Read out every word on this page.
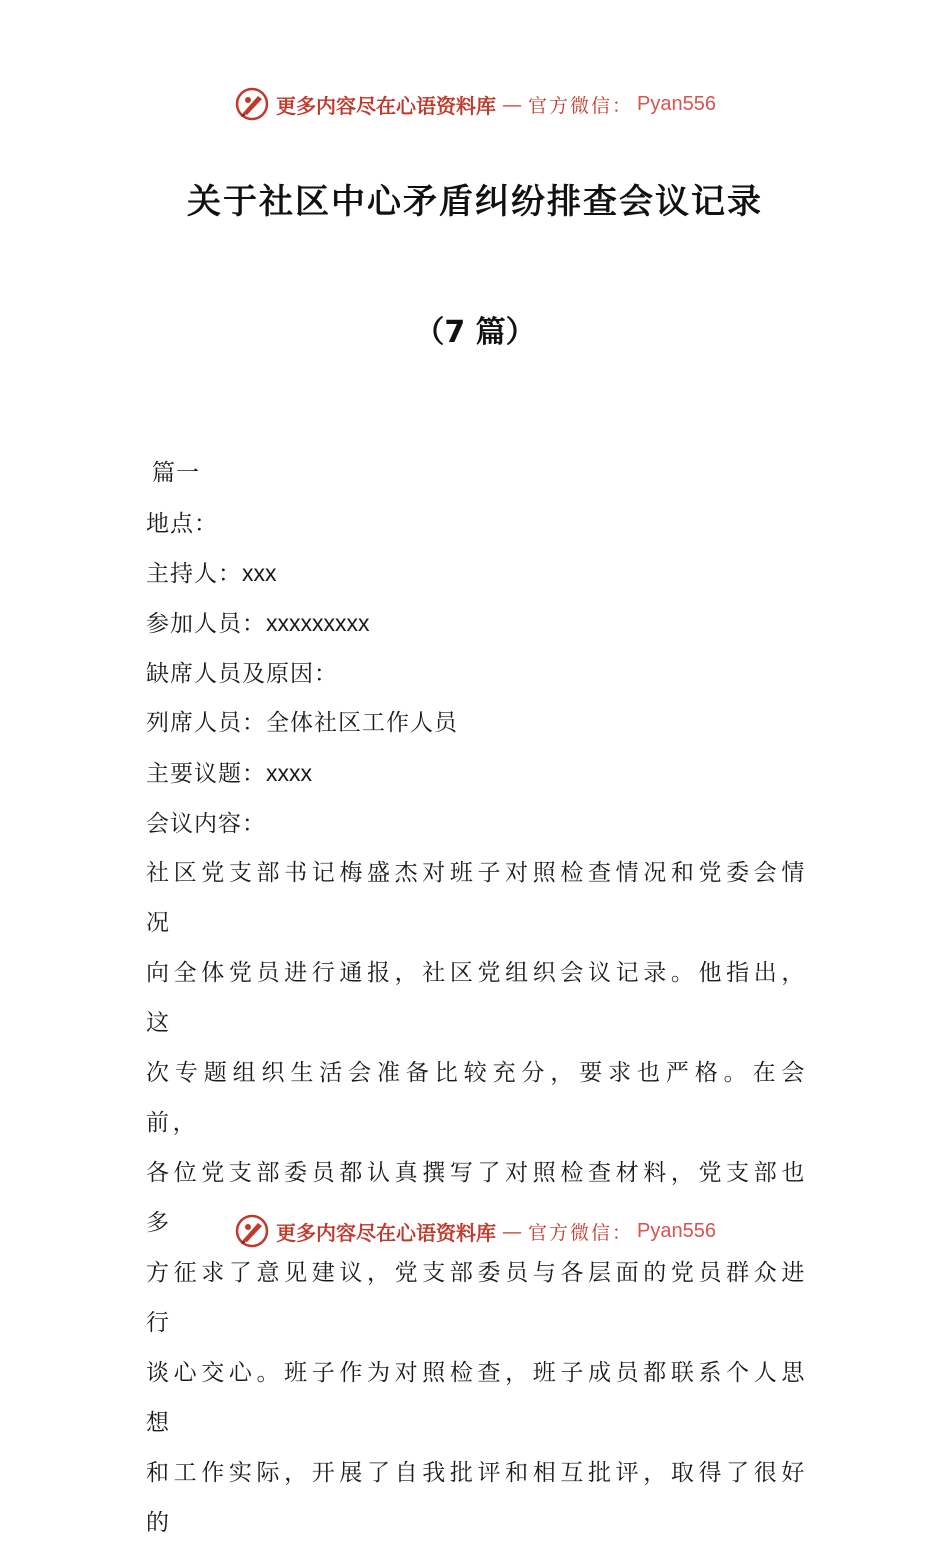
更多内容尽在心语资料库 — 官方微信： Pyan556
关于社区中心矛盾纠纷排查会议记录
（7 篇）
篇一
地点：
主持人：xxx
参加人员：xxxxxxxxx
缺席人员及原因：
列席人员：全体社区工作人员
主要议题：xxxx
会议内容：
社区党支部书记梅盛杰对班子对照检查情况和党委会情况
向全体党员进行通报，社区党组织会议记录。他指出，这
次专题组织生活会准备比较充分，要求也严格。在会前，
各位党支部委员都认真撰写了对照检查材料，党支部也多
方征求了意见建议，党支部委员与各层面的党员群众进行
谈心交心。班子作为对照检查，班子成员都联系个人思想
和工作实际，开展了自我批评和相互批评，取得了很好的
更多内容尽在心语资料库 — 官方微信： Pyan556
